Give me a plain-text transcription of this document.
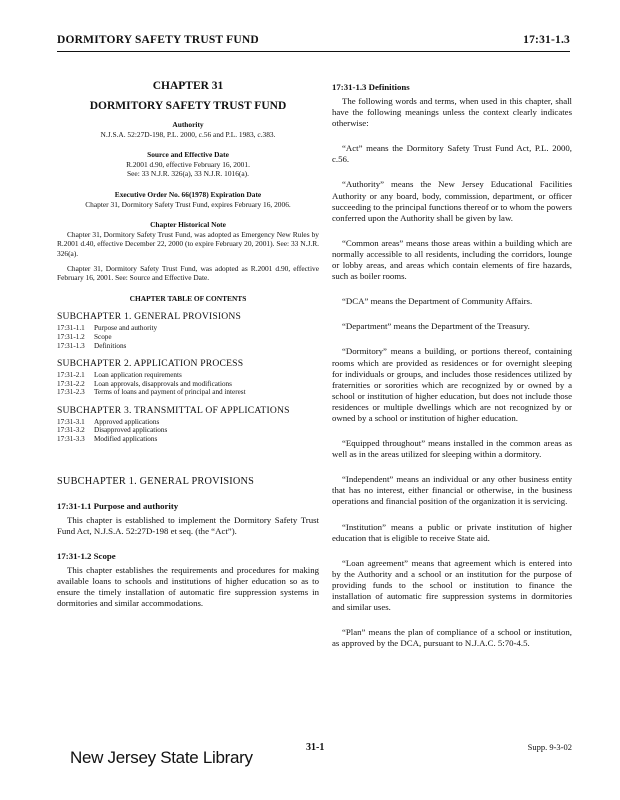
DORMITORY SAFETY TRUST FUND	17:31-1.3
CHAPTER 31
DORMITORY SAFETY TRUST FUND
Authority
N.J.S.A. 52:27D-198, P.L. 2000, c.56 and P.L. 1983, c.383.
Source and Effective Date
R.2001 d.90, effective February 16, 2001.
See: 33 N.J.R. 326(a), 33 N.J.R. 1016(a).
Executive Order No. 66(1978) Expiration Date
Chapter 31, Dormitory Safety Trust Fund, expires February 16, 2006.
Chapter Historical Note
Chapter 31, Dormitory Safety Trust Fund, was adopted as Emergency New Rules by R.2001 d.40, effective December 22, 2000 (to expire February 20, 2001). See: 33 N.J.R. 326(a).
Chapter 31, Dormitory Safety Trust Fund, was adopted as R.2001 d.90, effective February 16, 2001. See: Source and Effective Date.
CHAPTER TABLE OF CONTENTS
SUBCHAPTER 1. GENERAL PROVISIONS
17:31-1.1	Purpose and authority
17:31-1.2	Scope
17:31-1.3	Definitions
SUBCHAPTER 2. APPLICATION PROCESS
17:31-2.1	Loan application requirements
17:31-2.2	Loan approvals, disapprovals and modifications
17:31-2.3	Terms of loans and payment of principal and interest
SUBCHAPTER 3. TRANSMITTAL OF APPLICATIONS
17:31-3.1	Approved applications
17:31-3.2	Disapproved applications
17:31-3.3	Modified applications
SUBCHAPTER 1. GENERAL PROVISIONS
17:31-1.1 Purpose and authority
This chapter is established to implement the Dormitory Safety Trust Fund Act, N.J.S.A. 52:27D-198 et seq. (the “Act”).
17:31-1.2 Scope
This chapter establishes the requirements and procedures for making available loans to schools and institutions of higher education so as to ensure the timely installation of automatic fire suppression systems in dormitories and similar accommodations.
17:31-1.3 Definitions
The following words and terms, when used in this chapter, shall have the following meanings unless the context clearly indicates otherwise:
“Act” means the Dormitory Safety Trust Fund Act, P.L. 2000, c.56.
“Authority” means the New Jersey Educational Facilities Authority or any board, body, commission, department, or officer succeeding to the principal functions thereof or to whom the powers conferred upon the Authority shall be given by law.
“Common areas” means those areas within a building which are normally accessible to all residents, including the corridors, lounge or lobby areas, and areas which contain elements of fire hazards, such as boiler rooms.
“DCA” means the Department of Community Affairs.
“Department” means the Department of the Treasury.
“Dormitory” means a building, or portions thereof, containing rooms which are provided as residences or for overnight sleeping for individuals or groups, and includes those residences utilized by fraternities or sororities which are recognized by or owned by a school or institution of higher education, but does not include those residences or multiple dwellings which are not recognized by or owned by a school or institution of higher education.
“Equipped throughout” means installed in the common areas as well as in the areas utilized for sleeping within a dormitory.
“Independent” means an individual or any other business entity that has no interest, either financial or otherwise, in the business operations and financial position of the organization it is servicing.
“Institution” means a public or private institution of higher education that is eligible to receive State aid.
“Loan agreement” means that agreement which is entered into by the Authority and a school or an institution for the purpose of providing funds to the school or institution to finance the installation of automatic fire suppression systems in dormitories and similar uses.
“Plan” means the plan of compliance of a school or institution, as approved by the DCA, pursuant to N.J.A.C. 5:70-4.5.
New Jersey State Library
31-1	Supp. 9-3-02
